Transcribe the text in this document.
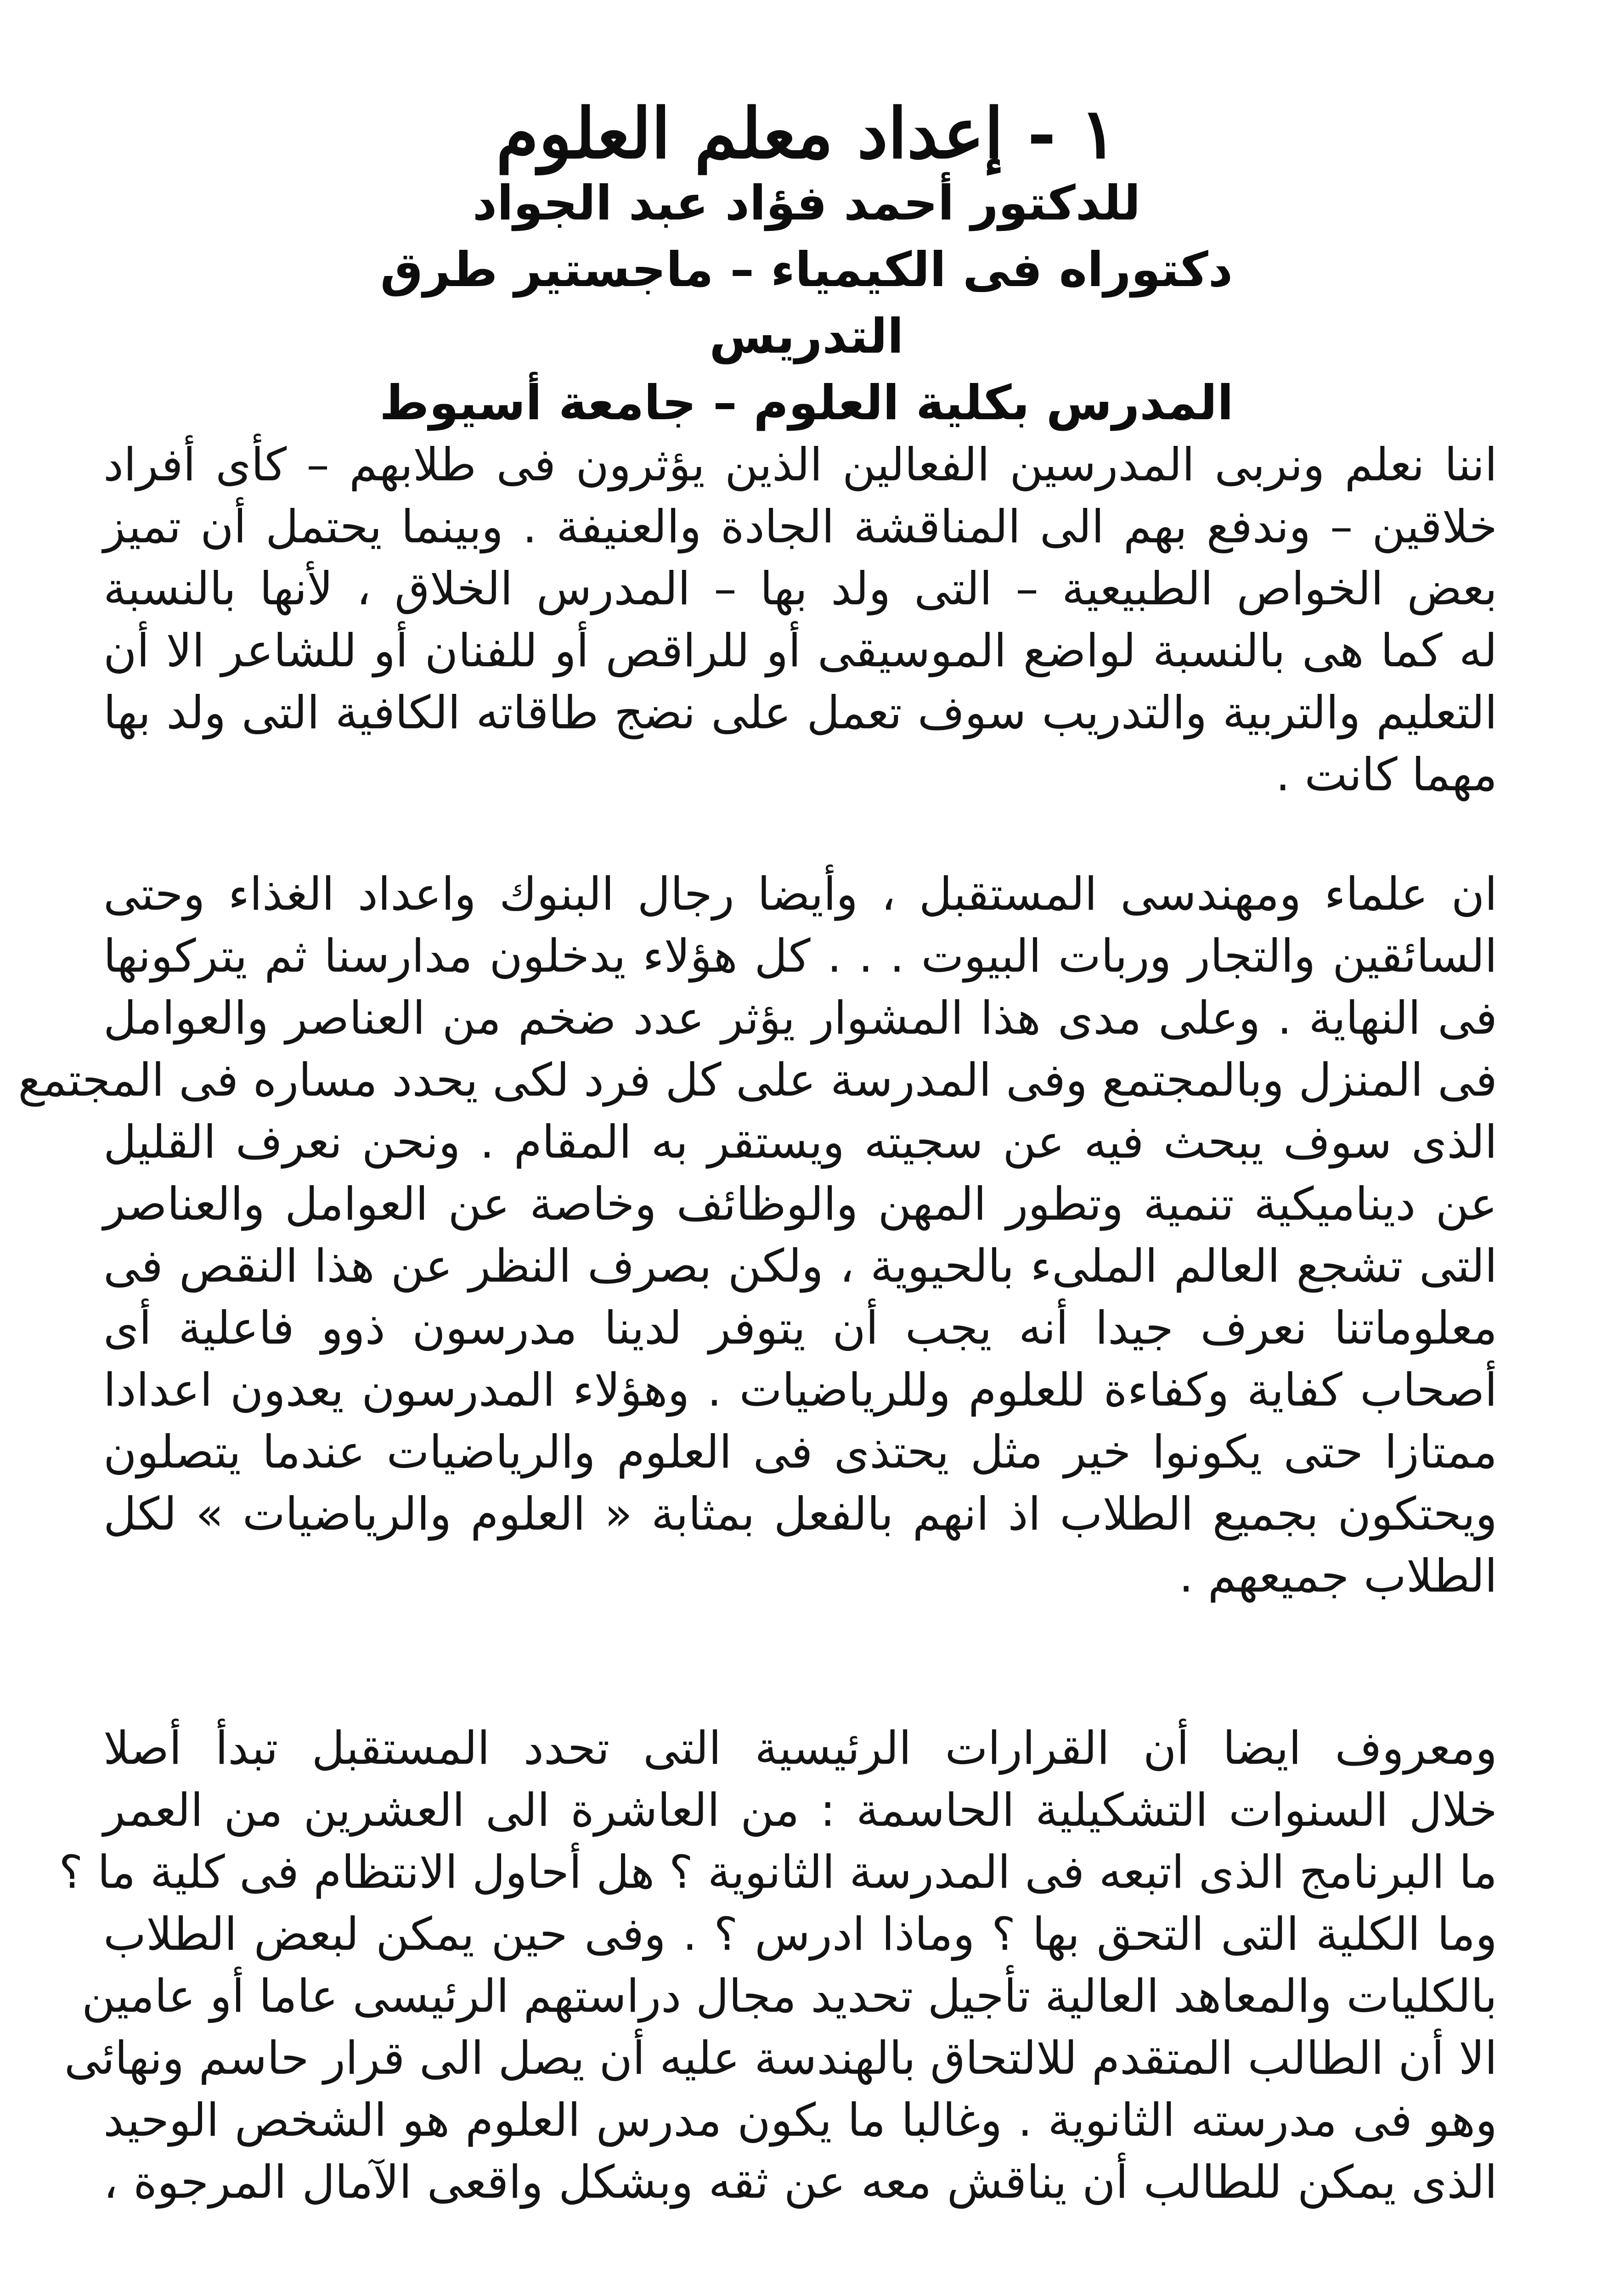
١ - إعداد معلم العلوم
للدكتور أحمد فؤاد عبد الجواد
دكتوراه فى الكيمياء – ماجستير طرق التدريس
المدرس بكلية العلوم – جامعة أسيوط
اننا نعلم ونربى المدرسين الفعالين الذين يؤثرون فى طلابهم – كأى أفراد
خلاقين – وندفع بهم الى المناقشة الجادة والعنيفة . وبينما يحتمل أن تميز
بعض الخواص الطبيعية – التى ولد بها – المدرس الخلاق ، لأنها بالنسبة
له كما هى بالنسبة لواضع الموسيقى أو للراقص أو للفنان أو للشاعر الا أن
التعليم والتربية والتدريب سوف تعمل على نضج طاقاته الكافية التى ولد بها
مهما كانت .
ان علماء ومهندسى المستقبل ، وأيضا رجال البنوك واعداد الغذاء وحتى
السائقين والتجار وربات البيوت . . . كل هؤلاء يدخلون مدارسنا ثم يتركونها
فى النهاية . وعلى مدى هذا المشوار يؤثر عدد ضخم من العناصر والعوامل
فى المنزل وبالمجتمع وفى المدرسة على كل فرد لكى يحدد مساره فى المجتمع
الذى سوف يبحث فيه عن سجيته ويستقر به المقام . ونحن نعرف القليل
عن ديناميكية تنمية وتطور المهن والوظائف وخاصة عن العوامل والعناصر
التى تشجع العالم الملىء بالحيوية ، ولكن بصرف النظر عن هذا النقص فى
معلوماتنا نعرف جيدا أنه يجب أن يتوفر لدينا مدرسون ذوو فاعلية أى
أصحاب كفاية وكفاءة للعلوم وللرياضيات . وهؤلاء المدرسون يعدون اعدادا
ممتازا حتى يكونوا خير مثل يحتذى فى العلوم والرياضيات عندما يتصلون
ويحتكون بجميع الطلاب اذ انهم بالفعل بمثابة « العلوم والرياضيات » لكل
الطلاب جميعهم .
ومعروف ايضا أن القرارات الرئيسية التى تحدد المستقبل تبدأ أصلا
خلال السنوات التشكيلية الحاسمة : من العاشرة الى العشرين من العمر
ما البرنامج الذى اتبعه فى المدرسة الثانوية ؟ هل أحاول الانتظام فى كلية ما ؟
وما الكلية التى التحق بها ؟ وماذا ادرس ؟ . وفى حين يمكن لبعض الطلاب
بالكليات والمعاهد العالية تأجيل تحديد مجال دراستهم الرئيسى عاما أو عامين
الا أن الطالب المتقدم للالتحاق بالهندسة عليه أن يصل الى قرار حاسم ونهائى
وهو فى مدرسته الثانوية . وغالبا ما يكون مدرس العلوم هو الشخص الوحيد
الذى يمكن للطالب أن يناقش معه عن ثقه وبشكل واقعى الآمال المرجوة ،
